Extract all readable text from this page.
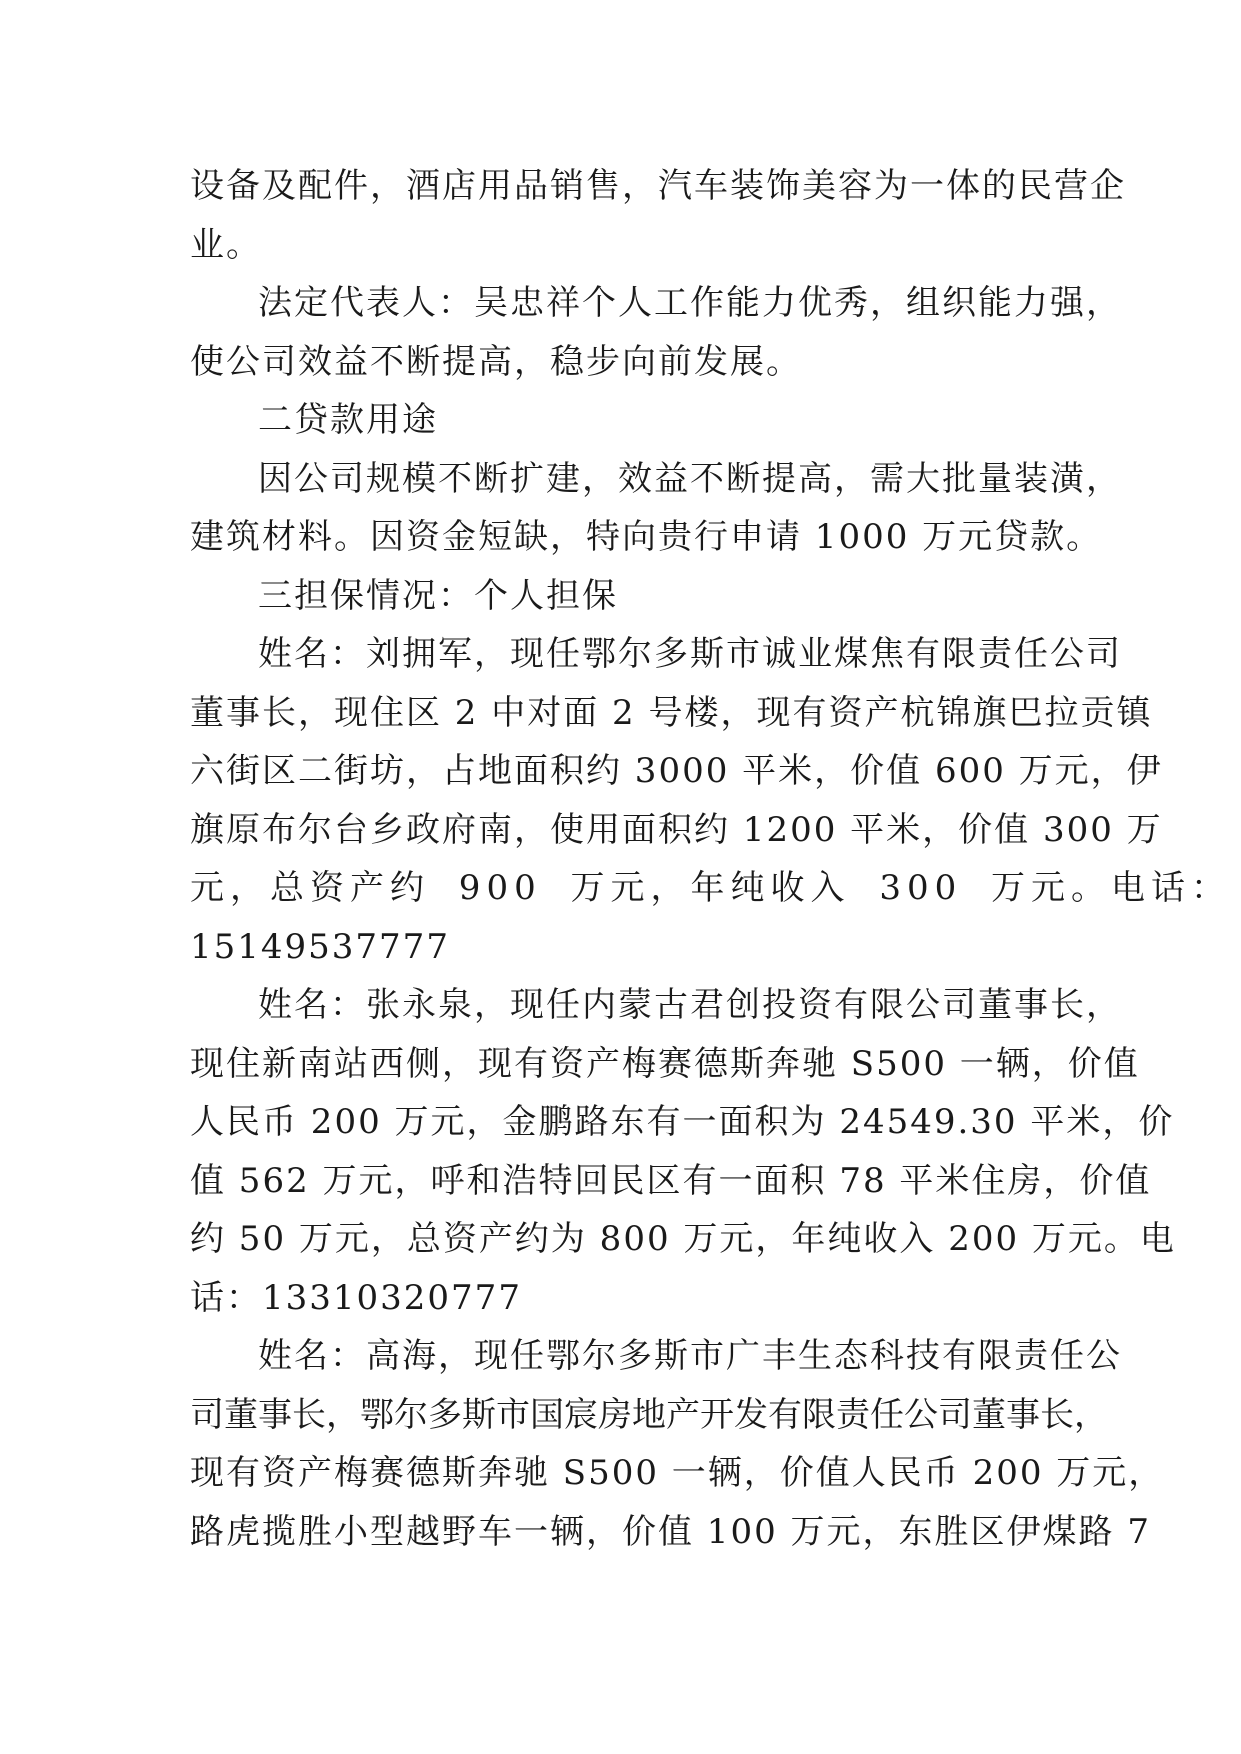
设备及配件，酒店用品销售，汽车装饰美容为一体的民营企
业。
法定代表人：吴忠祥个人工作能力优秀，组织能力强，
使公司效益不断提高，稳步向前发展。
二贷款用途
因公司规模不断扩建，效益不断提高，需大批量装潢，
建筑材料。因资金短缺，特向贵行申请 1000 万元贷款。
三担保情况：个人担保
姓名：刘拥军，现任鄂尔多斯市诚业煤焦有限责任公司
董事长，现住区 2 中对面 2 号楼，现有资产杭锦旗巴拉贡镇
六街区二街坊，占地面积约 3000 平米，价值 600 万元，伊
旗原布尔台乡政府南，使用面积约 1200 平米，价值 300 万
元，总资产约 900 万元，年纯收入 300 万元。电话：
15149537777
姓名：张永泉，现任内蒙古君创投资有限公司董事长，
现住新南站西侧，现有资产梅赛德斯奔驰 S500 一辆，价值
人民币 200 万元，金鹏路东有一面积为 24549.30 平米，价
值 562 万元，呼和浩特回民区有一面积 78 平米住房，价值
约 50 万元，总资产约为 800 万元，年纯收入 200 万元。电
话：13310320777
姓名：高海，现任鄂尔多斯市广丰生态科技有限责任公
司董事长，鄂尔多斯市国宸房地产开发有限责任公司董事长，
现有资产梅赛德斯奔驰 S500 一辆，价值人民币 200 万元，
路虎揽胜小型越野车一辆，价值 100 万元，东胜区伊煤路 7
